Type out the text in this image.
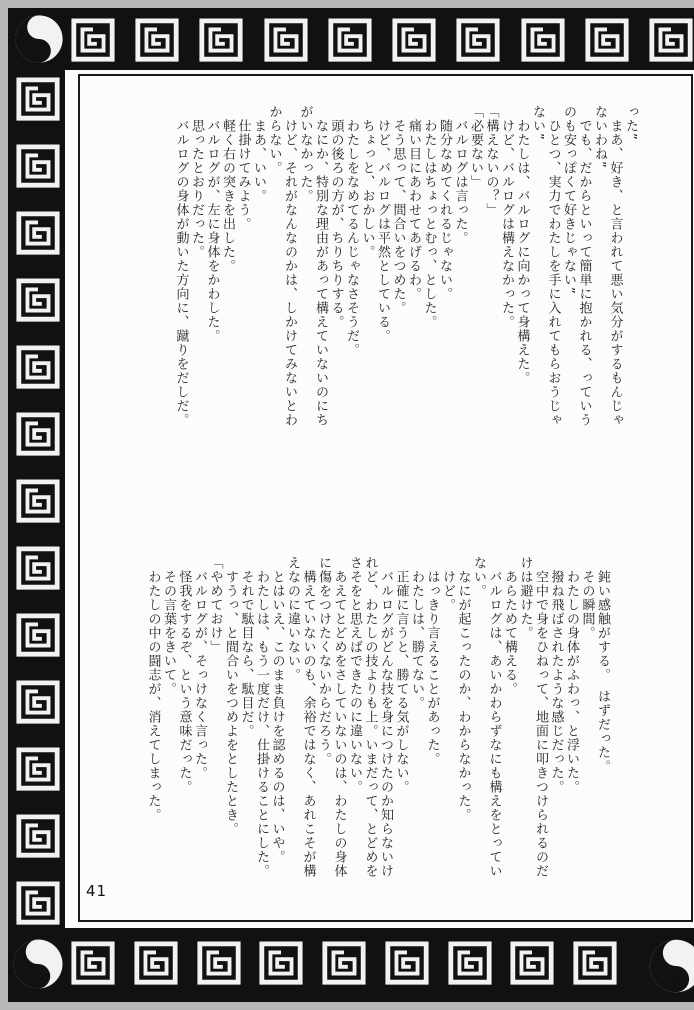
った”

まあ、好き、と言われて悪い気分がするもんじゃ

ないわね”

でも、だからといって簡単に抱かれる、っていう

のも安っぽくて好きじゃない”

ひとつ、実力でわたしを手に入れてもらおうじゃ

ない”

わたしは、バルログに向かって身構えた。

けど、バルログは構えなかった。

「構えないの？」

「必要ない」

バルログは言った。

随分なめてくれるじゃない。

わたしはちょっとむっ、とした。

痛い目にあわせてあげるわ。

そう思って、間合いをつめた。

けど、バルログは平然としている。

ちょっと、おかしい。

わたしをなめてるんじゃなさそうだ。

頭の後ろの方が、ちりちりする。

なにか、特別な理由があって構えていないのにち

がいなかった。

けど、それがなんなのかは、しかけてみないとわ

からない。

まあ、いい。

仕掛けてみよう。

軽く右の突きを出した。

バルログが、左に身体をかわした。

思ったとおりだった。

バルログの身体が動いた方向に、蹴りをだしだ。

鈍い感触がする。　はずだった。

その瞬間。

わたしの身体がふわっ、と浮いた。

撥ね飛ばされたような感じだった。

空中で身をひねって、地面に叩きつけられるのだ

けは避けた。

あらためて構える。

バルログは、あいかわらずなにも構えをとってい

ない。

なにが起こったのか、わからなかった。

けど。

はっきり言えることがあった。

わたしは、勝てない。

正確に言うと、勝てる気がしない。

バルログがどんな技を身につけたのか知らないけ

れど、わたしの技よりも上。いまだって、とどめを

さそをと思えばできたのに違いない。

あえてとどめをさしていないのは、わたしの身体

に傷をつけたくないからだろう。

構えていないのも、余裕ではなく、あれこそが構

えなのに違いない。

とはいえ、このまま負けを認めるのは、いや。

わたしは、もう一度だけ、仕掛けることにした。

それで駄目なら、駄目だ。

すうっ、と間合いをつめよをとしたとき。

「やめておけ」

バルログが、そっけなく言った。

怪我をするぞ、という意味だった。

その言葉をきいて。

わたしの中の闘志が、消えてしまった。

41
